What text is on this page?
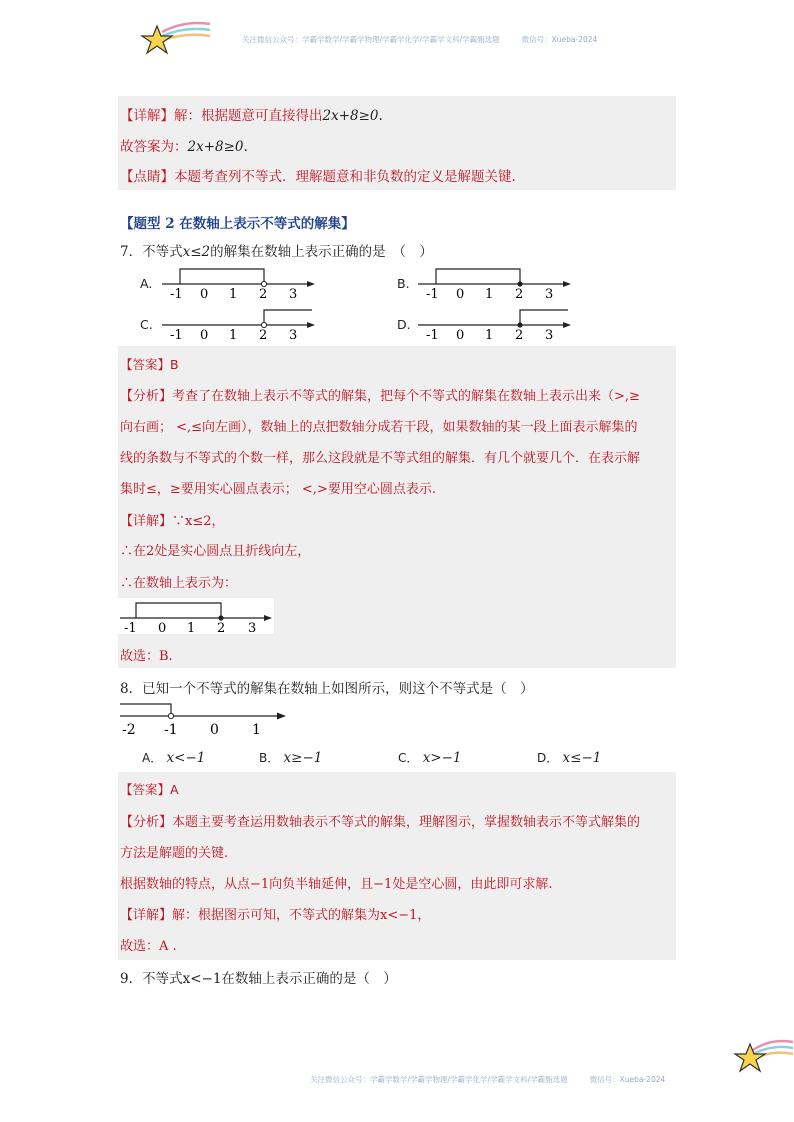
关注微信公众号：学霸学数学/学霸学物理/学霸学化学/学霸学文科/学霸甄选题	微信号：Xueba-2024
【详解】解：根据题意可直接得出2x+8≥0.
故答案为：2x+8≥0.
【点睛】本题考查列不等式．理解题意和非负数的定义是解题关键.
【题型 2 在数轴上表示不等式的解集】
7．不等式x≤2的解集在数轴上表示正确的是　（　）
A.	B.
C.	D.
-1 0 1 2 3	-1 0 1 2 3
-1 0 1 2 3	-1 0 1 2 3
【答案】B
【分析】考查了在数轴上表示不等式的解集，把每个不等式的解集在数轴上表示出来（>,≥
向右画； <,≤向左画），数轴上的点把数轴分成若干段，如果数轴的某一段上面表示解集的
线的条数与不等式的个数一样，那么这段就是不等式组的解集．有几个就要几个．在表示解
集时≤，≥要用实心圆点表示； <,>要用空心圆点表示.
【详解】∵x≤2，
∴在2处是实心圆点且折线向左，
∴在数轴上表示为：
-1 0 1 2 3
故选：B.
8．已知一个不等式的解集在数轴上如图所示，则这个不等式是（　）
-2 -1 0 1
A． x<−1	B． x≥−1	C． x>−1	D． x≤−1
【答案】A
【分析】本题主要考查运用数轴表示不等式的解集，理解图示，掌握数轴表示不等式解集的
方法是解题的关键.
根据数轴的特点，从点−1向负半轴延伸，且−1处是空心圆，由此即可求解.
【详解】解：根据图示可知，不等式的解集为x<−1，
故选：A .
9．不等式x<−1在数轴上表示正确的是（　）
关注微信公众号：学霸学数学/学霸学物理/学霸学化学/学霸学文科/学霸甄选题	微信号：Xueba-2024
